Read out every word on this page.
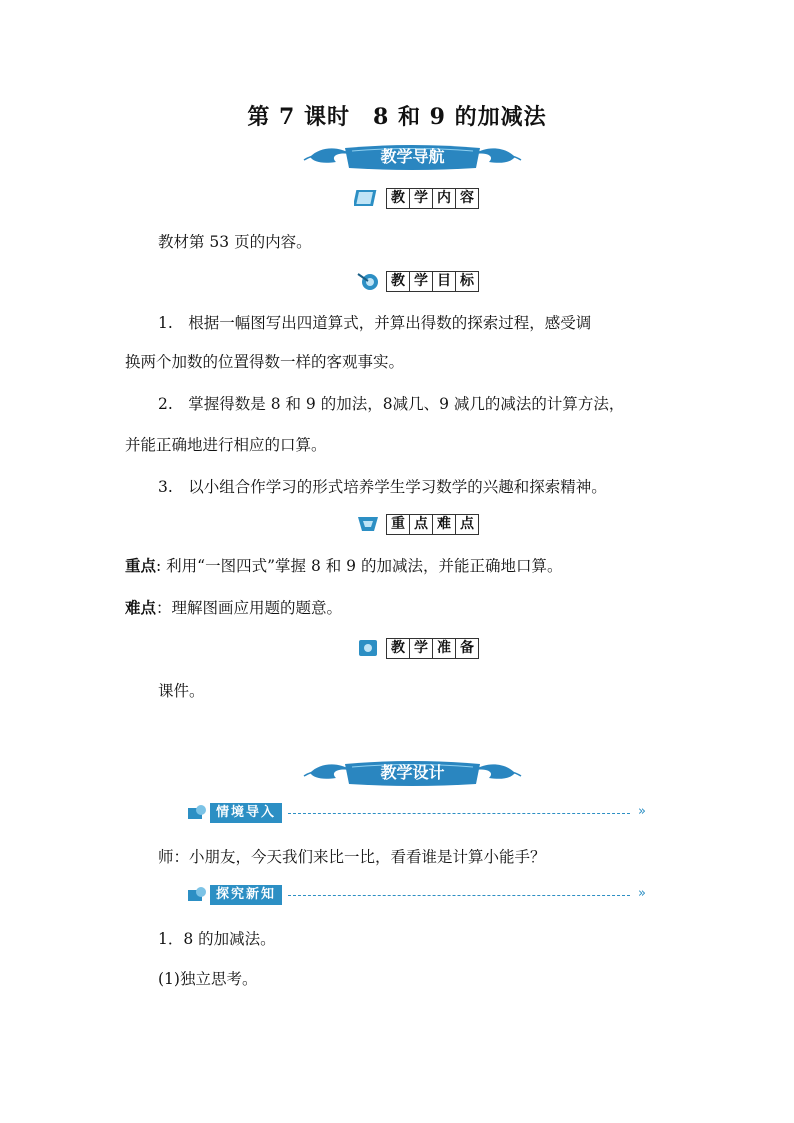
第 7 课时　8 和 9 的加减法
教学导航
教 学 内 容
教材第 53 页的内容。
教 学 目 标
1.　根据一幅图写出四道算式，并算出得数的探索过程，感受调
换两个加数的位置得数一样的客观事实。
2.　掌握得数是 8 和 9 的加法，8减几、9 减几的减法的计算方法，
并能正确地进行相应的口算。
3.　以小组合作学习的形式培养学生学习数学的兴趣和探索精神。
重 点 难 点
重点: 利用“一图四式”掌握 8 和 9 的加减法，并能正确地口算。
难点：理解图画应用题的题意。
教 学 准 备
课件。
教学设计
情境导入	»
师：小朋友，今天我们来比一比，看看谁是计算小能手？
探究新知	»
1．8 的加减法。
(1)独立思考。
